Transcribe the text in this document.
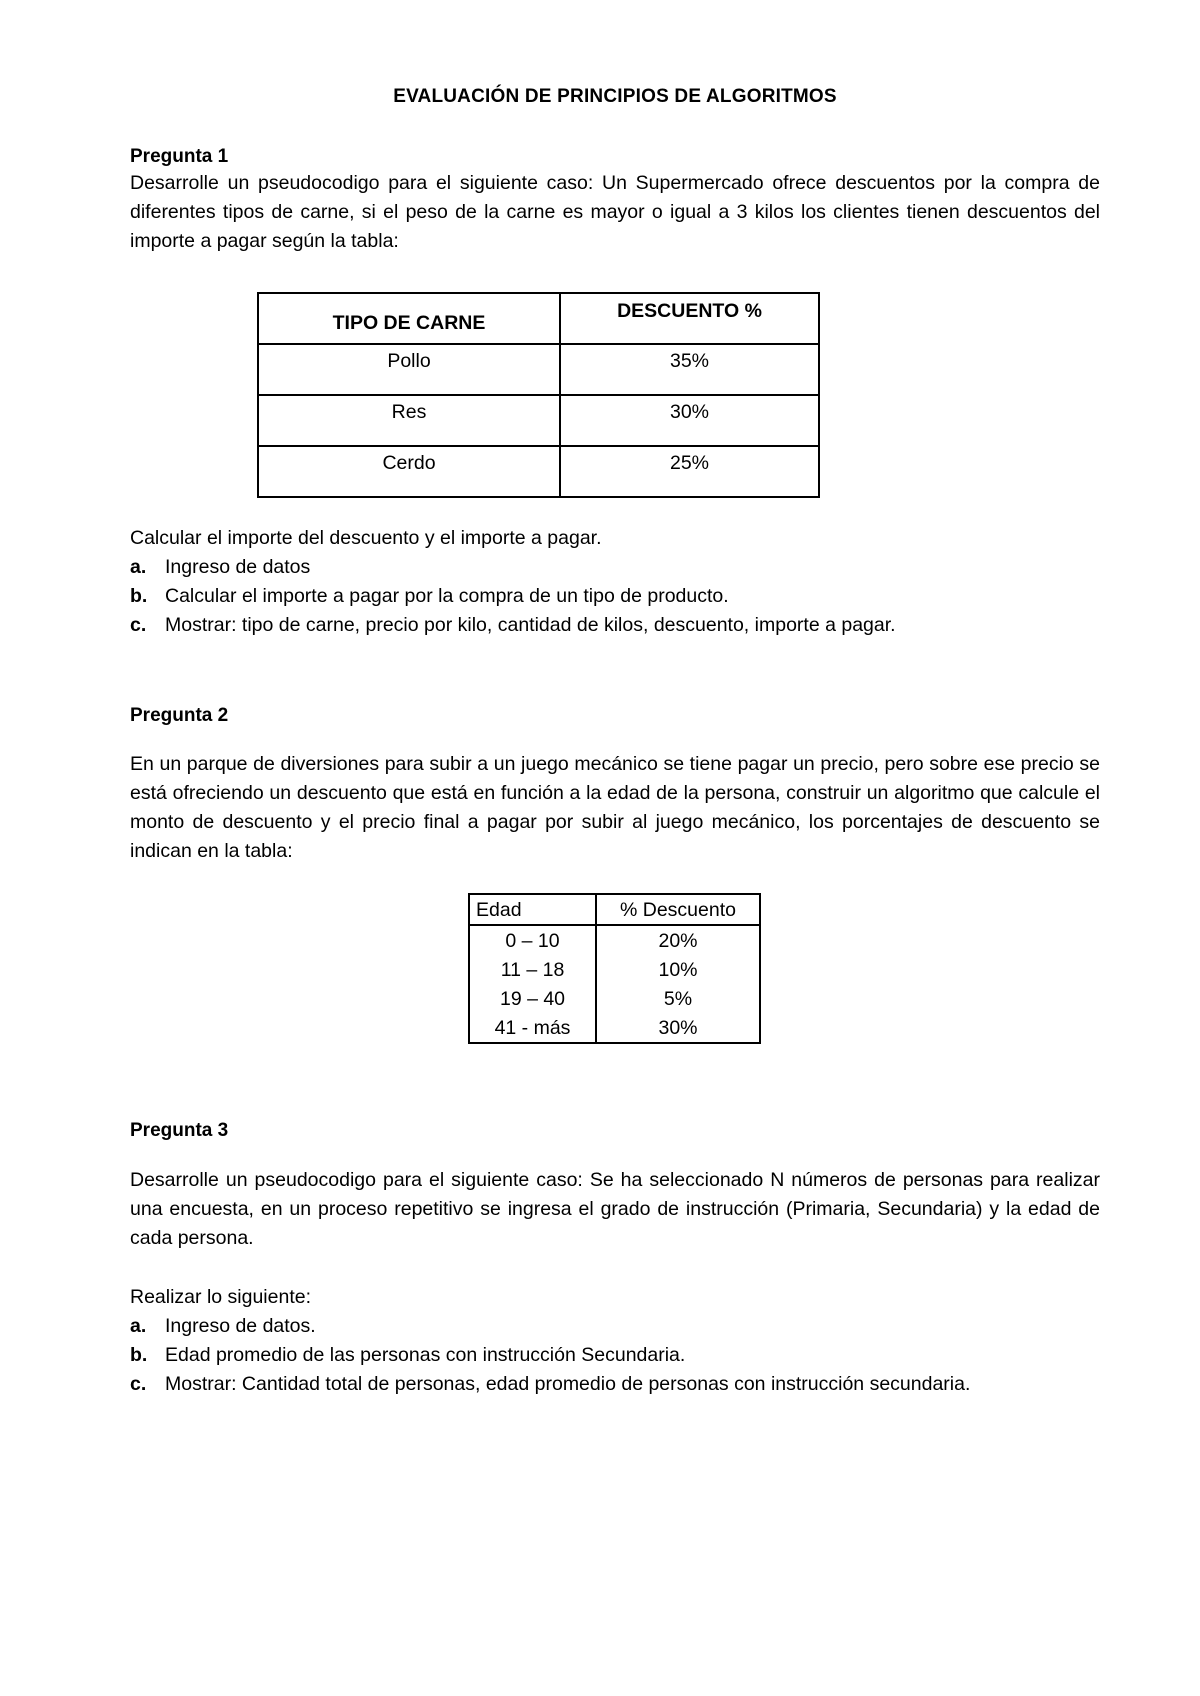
EVALUACIÓN DE PRINCIPIOS DE ALGORITMOS
Pregunta 1
Desarrolle un pseudocodigo para el siguiente caso: Un Supermercado ofrece descuentos por la compra de diferentes tipos de carne, si el peso de la carne es mayor o igual a 3 kilos los clientes tienen descuentos del importe a pagar según la tabla:
TIPO DE CARNE	DESCUENTO %
Pollo	35%
Res	30%
Cerdo	25%
Calcular el importe del descuento y el importe a pagar.
a. Ingreso de datos
b. Calcular el importe a pagar por la compra de un tipo de producto.
c. Mostrar: tipo de carne, precio por kilo, cantidad de kilos, descuento, importe a pagar.
Pregunta 2
En un parque de diversiones para subir a un juego mecánico se tiene pagar un precio, pero sobre ese precio se está ofreciendo un descuento que está en función a la edad de la persona, construir un algoritmo que calcule el monto de descuento y el precio final a pagar por subir al juego mecánico, los porcentajes de descuento se indican en la tabla:
Edad	% Descuento
0 – 10	20%
11 – 18	10%
19 – 40	5%
41 - más	30%
Pregunta 3
Desarrolle un pseudocodigo para el siguiente caso: Se ha seleccionado N números de personas para realizar una encuesta, en un proceso repetitivo se ingresa el grado de instrucción (Primaria, Secundaria) y la edad de cada persona.
Realizar lo siguiente:
a. Ingreso de datos.
b. Edad promedio de las personas con instrucción Secundaria.
c. Mostrar: Cantidad total de personas, edad promedio de personas con instrucción secundaria.
